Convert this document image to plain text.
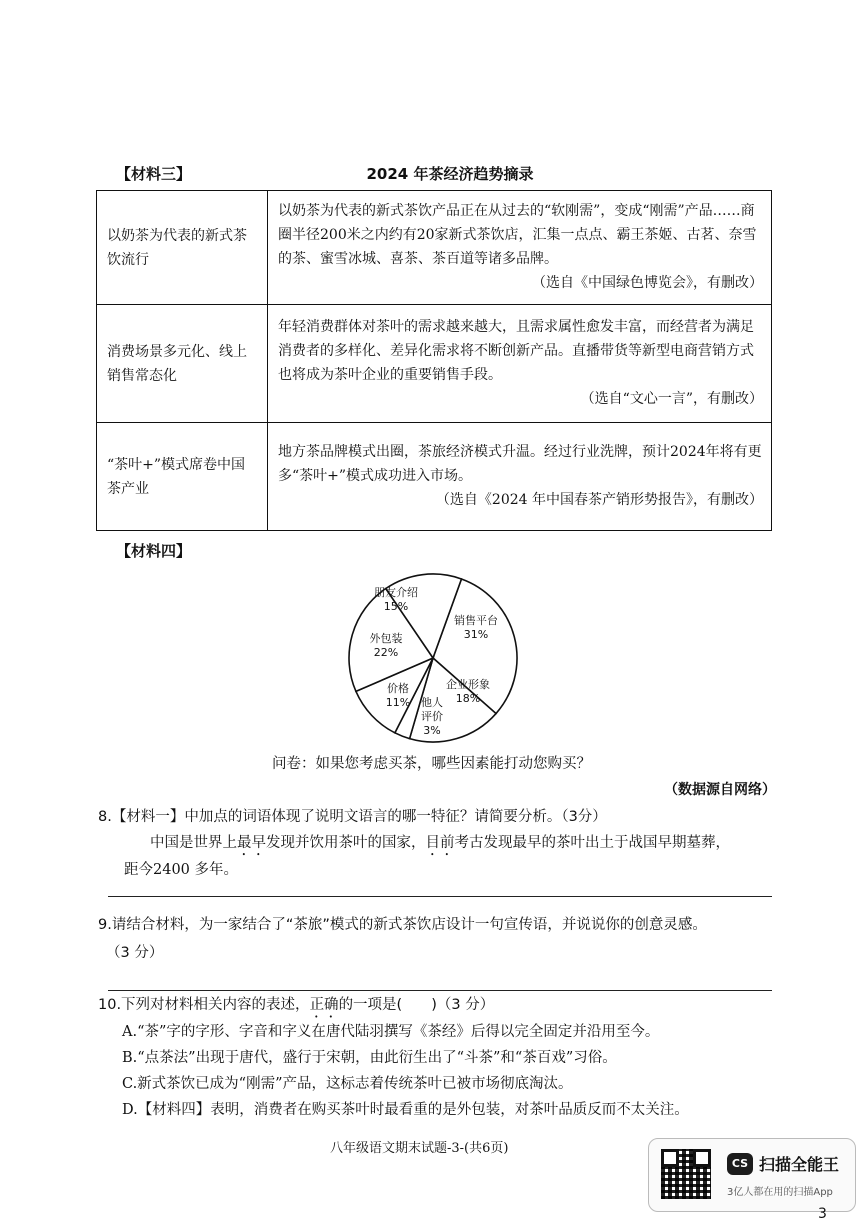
【材料三】	2024 年茶经济趋势摘录
以奶茶为代表的新式茶饮流行	以奶茶为代表的新式茶饮产品正在从过去的“软刚需”，变成“刚需”产品……商圈半径200米之内约有20家新式茶饮店，汇集一点点、霸王茶姬、古茗、奈雪的茶、蜜雪冰城、喜茶、茶百道等诸多品牌。
（选自《中国绿色博览会》，有删改）

消费场景多元化、线上销售常态化	年轻消费群体对茶叶的需求越来越大，且需求属性愈发丰富，而经营者为满足消费者的多样化、差异化需求将不断创新产品。直播带货等新型电商营销方式也将成为茶叶企业的重要销售手段。
（选自“文心一言”，有删改）

“茶叶+”模式席卷中国茶产业	地方茶品牌模式出圈，茶旅经济模式升温。经过行业洗牌，预计2024年将有更多“茶叶+”模式成功进入市场。
（选自《2024 年中国春茶产销形势报告》，有删改）
【材料四】
销售平台
31%
企业形象
18%
他人
评价
3%
价格
11%
外包装
22%
朋友介绍
15%
问卷：如果您考虑买茶，哪些因素能打动您购买？
（数据源自网络）
8.【材料一】中加点的词语体现了说明文语言的哪一特征？请简要分析。（3分）
中国是世界上最早发现并饮用茶叶的国家，目前考古发现最早的茶叶出土于战国早期墓葬，
距今2400 多年。
9.请结合材料，为一家结合了“茶旅”模式的新式茶饮店设计一句宣传语，并说说你的创意灵感。
（3 分）
10.下列对材料相关内容的表述，正确的一项是(　　)（3 分）
A.“茶”字的字形、字音和字义在唐代陆羽撰写《茶经》后得以完全固定并沿用至今。
B.“点茶法”出现于唐代，盛行于宋朝，由此衍生出了“斗茶”和“茶百戏”习俗。
C.新式茶饮已成为“刚需”产品，这标志着传统茶叶已被市场彻底淘汰。
D.【材料四】表明，消费者在购买茶叶时最看重的是外包装，对茶叶品质反而不太关注。
八年级语文期末试题-3-(共6页)
CS 扫描全能王
3亿人都在用的扫描App
3
